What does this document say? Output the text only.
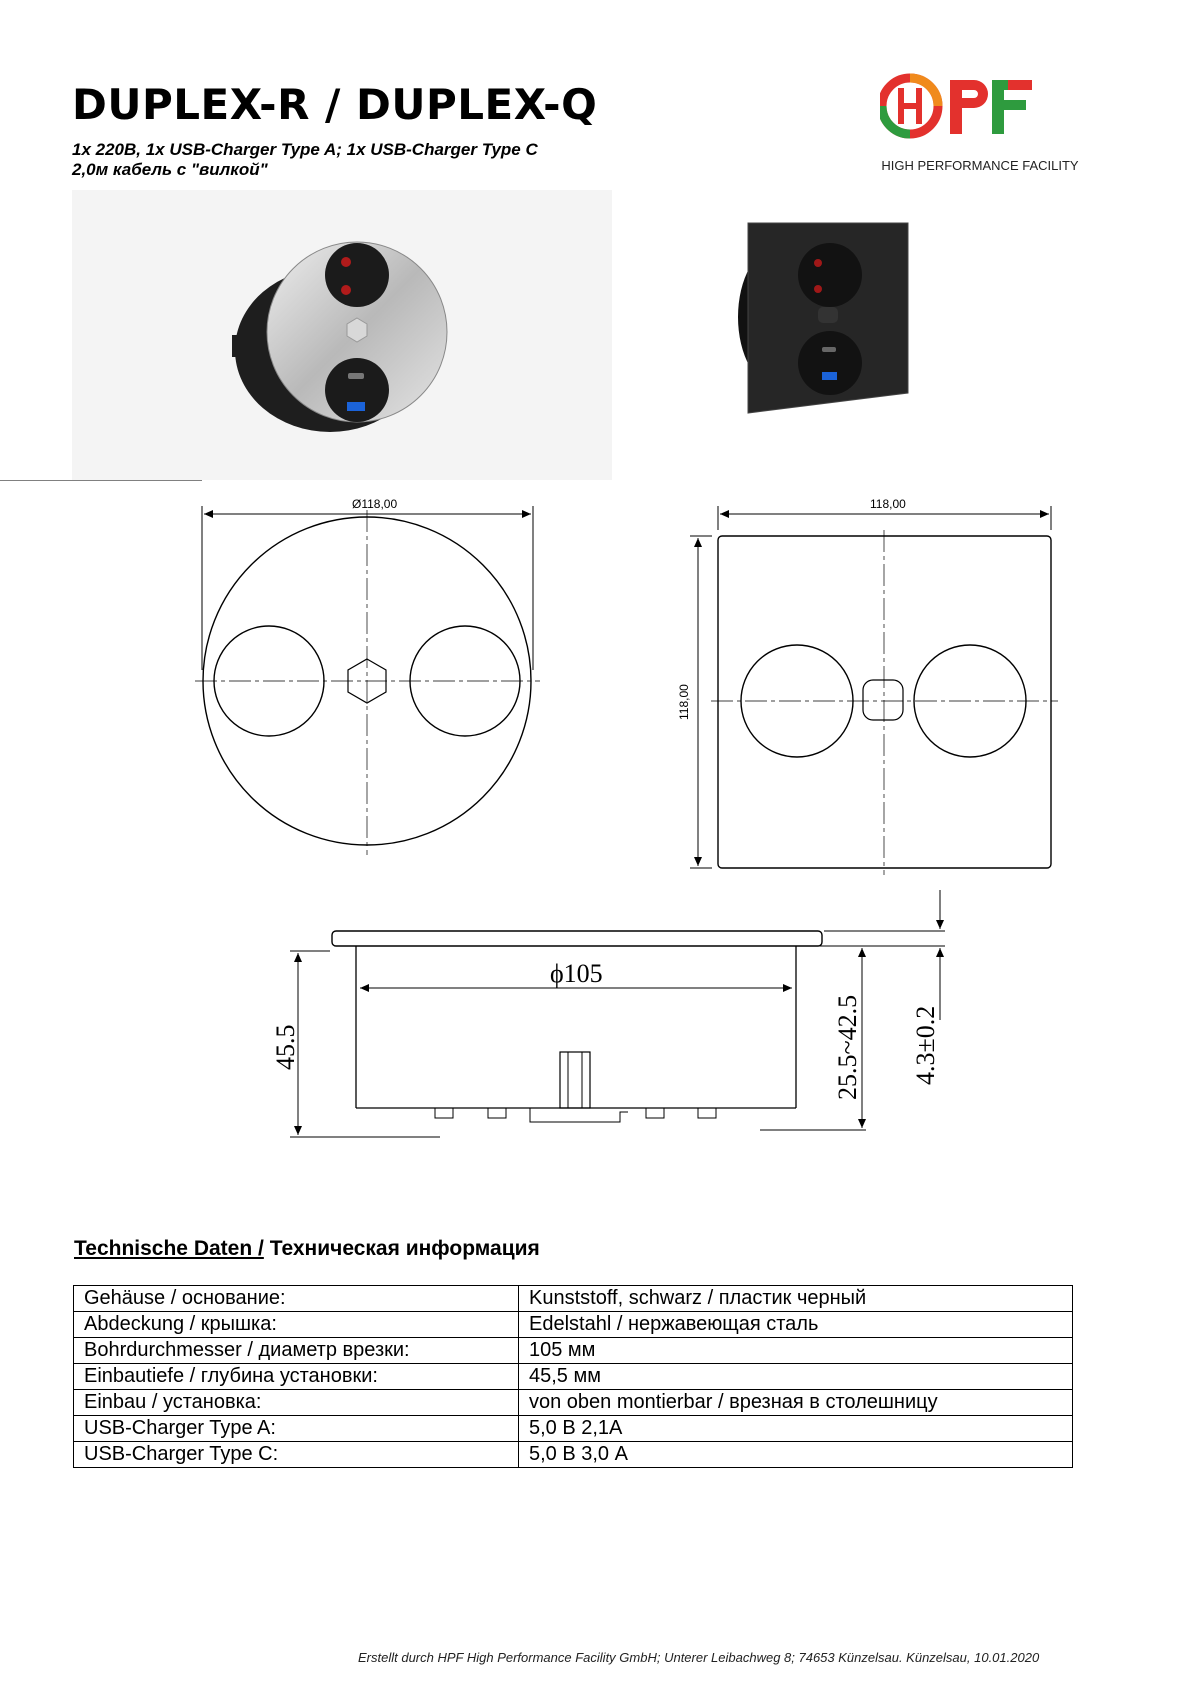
DUPLEX-R / DUPLEX-Q
1x 220B, 1x USB-Charger Type A; 1x USB-Charger Type C
2,0м кабель с "вилкой"	HIGH PERFORMANCE FACILITY
Ø118,00	118,00
118,00
ϕ105
45.5	25.5~42.5 4.3±0.2
Technische Daten / Техническая информация
Gehäuse / основание:	Kunststoff, schwarz / пластик черный
Abdeckung / крышка:	Edelstahl / нержавеющая сталь
Bohrdurchmesser / диаметр врезки:	105 мм
Einbautiefe / глубина установки:	45,5 мм
Einbau / установка:	von oben montierbar / врезная в столешницу
USB-Charger Type A:	5,0 В 2,1А
USB-Charger Type C:	5,0 В 3,0 А
Erstellt durch HPF High Performance Facility GmbH; Unterer Leibachweg 8; 74653 Künzelsau. Künzelsau, 10.01.2020
